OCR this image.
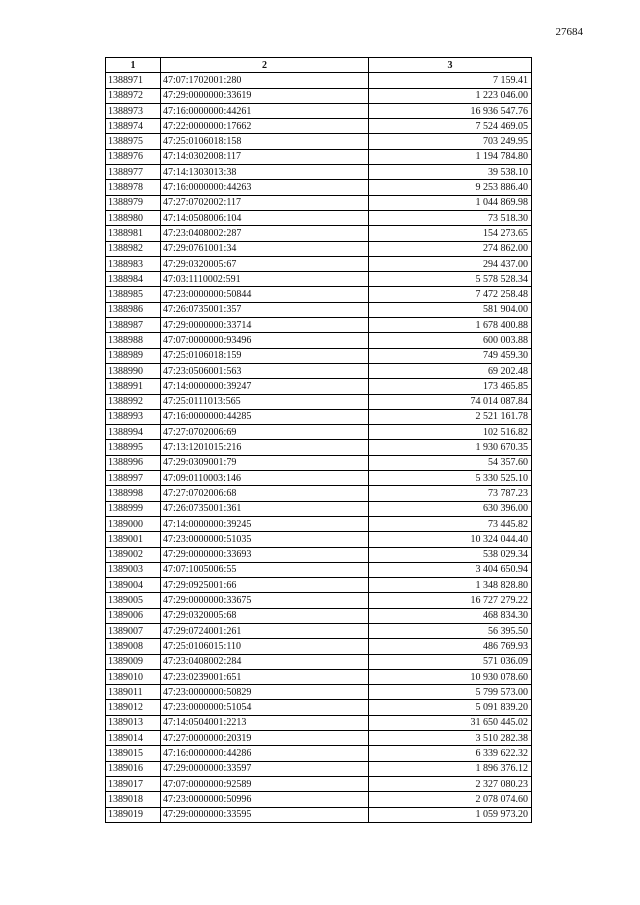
27684
1	2	3
1388971	47:07:1702001:280	7 159.41
1388972	47:29:0000000:33619	1 223 046.00
1388973	47:16:0000000:44261	16 936 547.76
1388974	47:22:0000000:17662	7 524 469.05
1388975	47:25:0106018:158	703 249.95
1388976	47:14:0302008:117	1 194 784.80
1388977	47:14:1303013:38	39 538.10
1388978	47:16:0000000:44263	9 253 886.40
1388979	47:27:0702002:117	1 044 869.98
1388980	47:14:0508006:104	73 518.30
1388981	47:23:0408002:287	154 273.65
1388982	47:29:0761001:34	274 862.00
1388983	47:29:0320005:67	294 437.00
1388984	47:03:1110002:591	5 578 528.34
1388985	47:23:0000000:50844	7 472 258.48
1388986	47:26:0735001:357	581 904.00
1388987	47:29:0000000:33714	1 678 400.88
1388988	47:07:0000000:93496	600 003.88
1388989	47:25:0106018:159	749 459.30
1388990	47:23:0506001:563	69 202.48
1388991	47:14:0000000:39247	173 465.85
1388992	47:25:0111013:565	74 014 087.84
1388993	47:16:0000000:44285	2 521 161.78
1388994	47:27:0702006:69	102 516.82
1388995	47:13:1201015:216	1 930 670.35
1388996	47:29:0309001:79	54 357.60
1388997	47:09:0110003:146	5 330 525.10
1388998	47:27:0702006:68	73 787.23
1388999	47:26:0735001:361	630 396.00
1389000	47:14:0000000:39245	73 445.82
1389001	47:23:0000000:51035	10 324 044.40
1389002	47:29:0000000:33693	538 029.34
1389003	47:07:1005006:55	3 404 650.94
1389004	47:29:0925001:66	1 348 828.80
1389005	47:29:0000000:33675	16 727 279.22
1389006	47:29:0320005:68	468 834.30
1389007	47:29:0724001:261	56 395.50
1389008	47:25:0106015:110	486 769.93
1389009	47:23:0408002:284	571 036.09
1389010	47:23:0239001:651	10 930 078.60
1389011	47:23:0000000:50829	5 799 573.00
1389012	47:23:0000000:51054	5 091 839.20
1389013	47:14:0504001:2213	31 650 445.02
1389014	47:27:0000000:20319	3 510 282.38
1389015	47:16:0000000:44286	6 339 622.32
1389016	47:29:0000000:33597	1 896 376.12
1389017	47:07:0000000:92589	2 327 080.23
1389018	47:23:0000000:50996	2 078 074.60
1389019	47:29:0000000:33595	1 059 973.20
